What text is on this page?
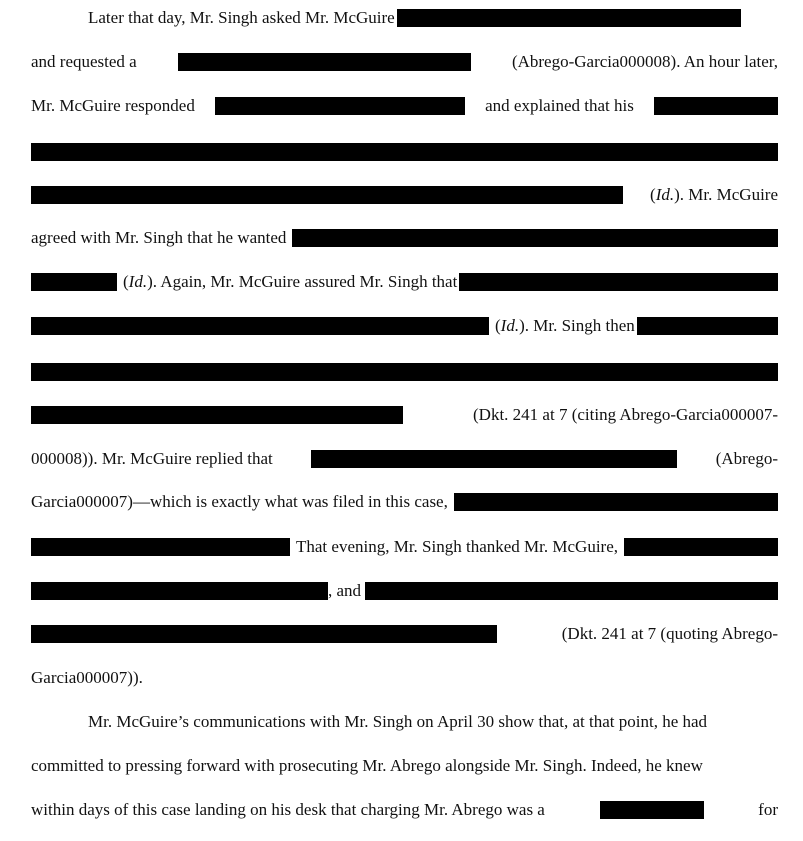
Later that day, Mr. Singh asked Mr. McGuire
and requested a	(Abrego-Garcia000008). An hour later,
Mr. McGuire responded	and explained that his
(Id.). Mr. McGuire
agreed with Mr. Singh that he wanted
(Id.). Again, Mr. McGuire assured Mr. Singh that
(Id.). Mr. Singh then
(Dkt. 241 at 7 (citing Abrego-Garcia000007-
000008)). Mr. McGuire replied that	(Abrego-
Garcia000007)—which is exactly what was filed in this case,
That evening, Mr. Singh thanked Mr. McGuire,
, and
(Dkt. 241 at 7 (quoting Abrego-
Garcia000007)).
Mr. McGuire’s communications with Mr. Singh on April 30 show that, at that point, he had
committed to pressing forward with prosecuting Mr. Abrego alongside Mr. Singh. Indeed, he knew
within days of this case landing on his desk that charging Mr. Abrego was a	for
